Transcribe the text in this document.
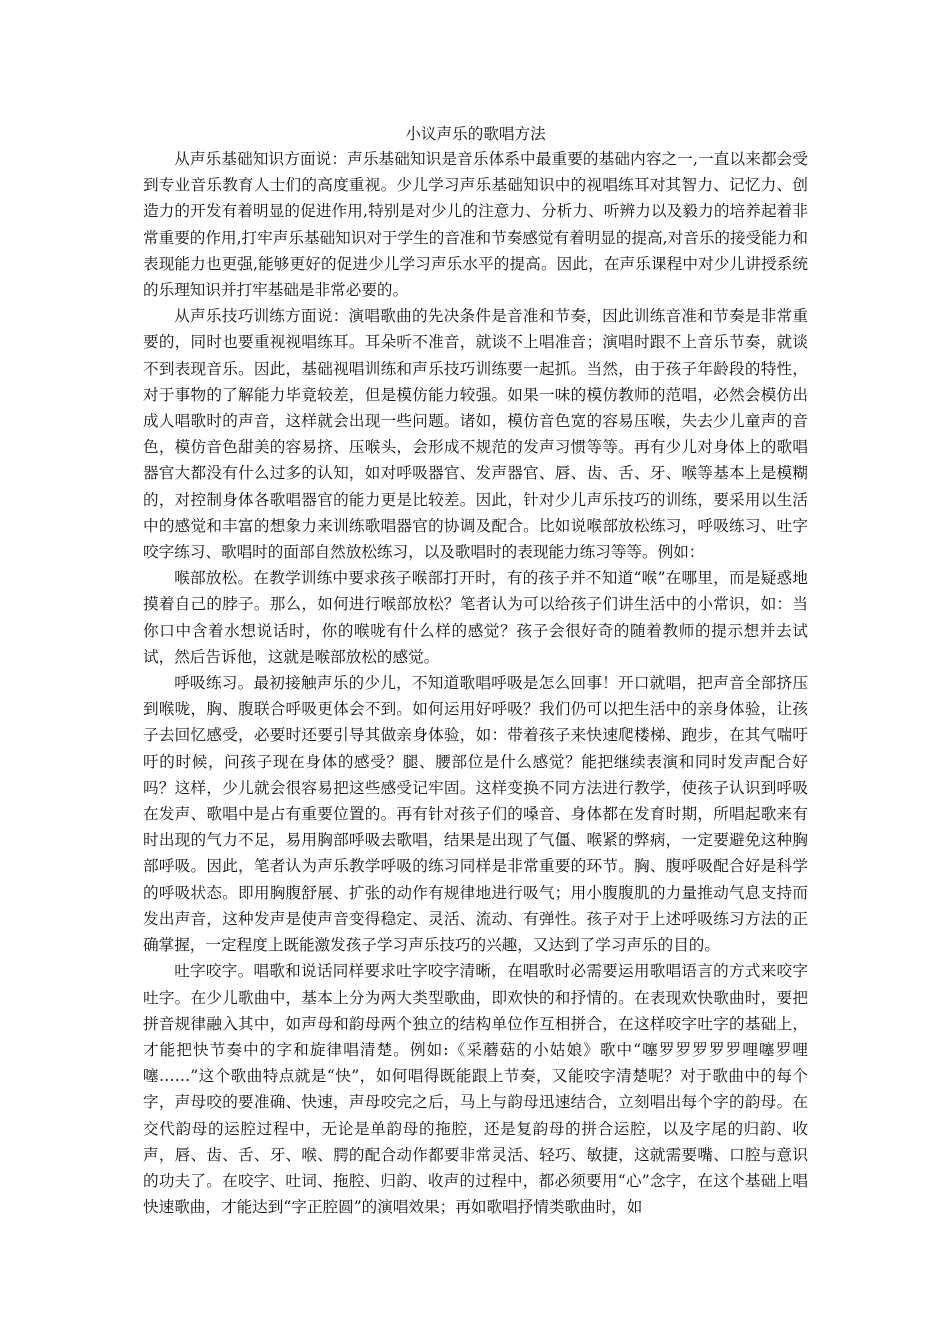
小议声乐的歌唱方法

从声乐基础知识方面说：声乐基础知识是音乐体系中最重要的基础内容之一,一直以来都会受到专业音乐教育人士们的高度重视。少儿学习声乐基础知识中的视唱练耳对其智力、记忆力、创造力的开发有着明显的促进作用,特别是对少儿的注意力、分析力、听辨力以及毅力的培养起着非常重要的作用,打牢声乐基础知识对于学生的音准和节奏感觉有着明显的提高,对音乐的接受能力和表现能力也更强,能够更好的促进少儿学习声乐水平的提高。因此，在声乐课程中对少儿讲授系统的乐理知识并打牢基础是非常必要的。

从声乐技巧训练方面说：演唱歌曲的先决条件是音准和节奏，因此训练音准和节奏是非常重要的，同时也要重视视唱练耳。耳朵听不准音，就谈不上唱准音；演唱时跟不上音乐节奏，就谈不到表现音乐。因此，基础视唱训练和声乐技巧训练要一起抓。当然，由于孩子年龄段的特性，对于事物的了解能力毕竟较差，但是模仿能力较强。如果一味的模仿教师的范唱，必然会模仿出成人唱歌时的声音，这样就会出现一些问题。诸如，模仿音色宽的容易压喉，失去少儿童声的音色，模仿音色甜美的容易挤、压喉头，会形成不规范的发声习惯等等。再有少儿对身体上的歌唱器官大都没有什么过多的认知，如对呼吸器官、发声器官、唇、齿、舌、牙、喉等基本上是模糊的，对控制身体各歌唱器官的能力更是比较差。因此，针对少儿声乐技巧的训练，要采用以生活中的感觉和丰富的想象力来训练歌唱器官的协调及配合。比如说喉部放松练习，呼吸练习、吐字咬字练习、歌唱时的面部自然放松练习，以及歌唱时的表现能力练习等等。例如：

喉部放松。在教学训练中要求孩子喉部打开时，有的孩子并不知道“喉”在哪里，而是疑惑地摸着自己的脖子。那么，如何进行喉部放松？笔者认为可以给孩子们讲生活中的小常识，如：当你口中含着水想说话时，你的喉咙有什么样的感觉？孩子会很好奇的随着教师的提示想并去试试，然后告诉他，这就是喉部放松的感觉。

呼吸练习。最初接触声乐的少儿，不知道歌唱呼吸是怎么回事！开口就唱，把声音全部挤压到喉咙，胸、腹联合呼吸更体会不到。如何运用好呼吸？我们仍可以把生活中的亲身体验，让孩子去回忆感受，必要时还要引导其做亲身体验，如：带着孩子来快速爬楼梯、跑步，在其气喘吁吁的时候，问孩子现在身体的感受？腿、腰部位是什么感觉？能把继续表演和同时发声配合好吗？这样，少儿就会很容易把这些感受记牢固。这样变换不同方法进行教学，使孩子认识到呼吸在发声、歌唱中是占有重要位置的。再有针对孩子们的嗓音、身体都在发育时期，所唱起歌来有时出现的气力不足，易用胸部呼吸去歌唱，结果是出现了气僵、喉紧的弊病，一定要避免这种胸部呼吸。因此，笔者认为声乐教学呼吸的练习同样是非常重要的环节。胸、腹呼吸配合好是科学的呼吸状态。即用胸腹舒展、扩张的动作有规律地进行吸气；用小腹腹肌的力量推动气息支持而发出声音，这种发声是使声音变得稳定、灵活、流动、有弹性。孩子对于上述呼吸练习方法的正确掌握，一定程度上既能激发孩子学习声乐技巧的兴趣，又达到了学习声乐的目的。

吐字咬字。唱歌和说话同样要求吐字咬字清晰，在唱歌时必需要运用歌唱语言的方式来咬字吐字。在少儿歌曲中，基本上分为两大类型歌曲，即欢快的和抒情的。在表现欢快歌曲时，要把拼音规律融入其中，如声母和韵母两个独立的结构单位作互相拼合，在这样咬字吐字的基础上，才能把快节奏中的字和旋律唱清楚。例如:《采蘑菇的小姑娘》歌中“噻罗罗罗罗罗哩噻罗哩噻……”这个歌曲特点就是“快”，如何唱得既能跟上节奏，又能咬字清楚呢？对于歌曲中的每个字，声母咬的要准确、快速，声母咬完之后，马上与韵母迅速结合，立刻唱出每个字的韵母。在交代韵母的运腔过程中，无论是单韵母的拖腔，还是复韵母的拼合运腔，以及字尾的归韵、收声，唇、齿、舌、牙、喉、腭的配合动作都要非常灵活、轻巧、敏捷，这就需要嘴、口腔与意识的功夫了。在咬字、吐词、拖腔、归韵、收声的过程中，都必须要用“心”念字，在这个基础上唱快速歌曲，才能达到“字正腔圆”的演唱效果；再如歌唱抒情类歌曲时，如
